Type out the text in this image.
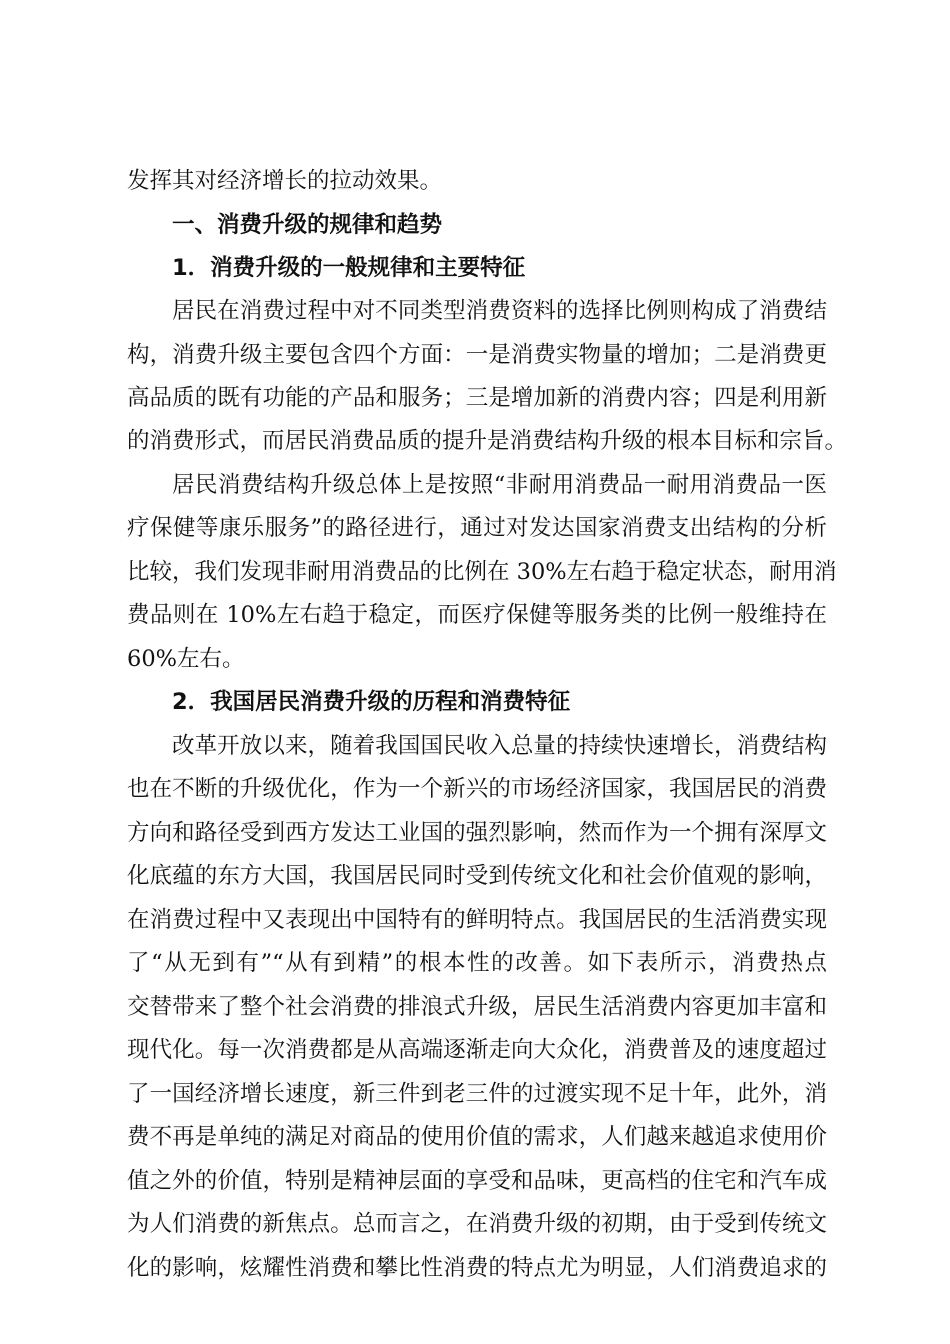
发挥其对经济增长的拉动效果。
一、消费升级的规律和趋势
1．消费升级的一般规律和主要特征
居民在消费过程中对不同类型消费资料的选择比例则构成了消费结
构，消费升级主要包含四个方面：一是消费实物量的增加；二是消费更
高品质的既有功能的产品和服务；三是增加新的消费内容；四是利用新
的消费形式，而居民消费品质的提升是消费结构升级的根本目标和宗旨。
居民消费结构升级总体上是按照“非耐用消费品一耐用消费品一医
疗保健等康乐服务”的路径进行，通过对发达国家消费支出结构的分析
比较，我们发现非耐用消费品的比例在 30%左右趋于稳定状态，耐用消
费品则在 10%左右趋于稳定，而医疗保健等服务类的比例一般维持在
60%左右。
2．我国居民消费升级的历程和消费特征
改革开放以来，随着我国国民收入总量的持续快速增长，消费结构
也在不断的升级优化，作为一个新兴的市场经济国家，我国居民的消费
方向和路径受到西方发达工业国的强烈影响，然而作为一个拥有深厚文
化底蕴的东方大国，我国居民同时受到传统文化和社会价值观的影响，
在消费过程中又表现出中国特有的鲜明特点。我国居民的生活消费实现
了“从无到有”“从有到精”的根本性的改善。如下表所示，消费热点
交替带来了整个社会消费的排浪式升级，居民生活消费内容更加丰富和
现代化。每一次消费都是从高端逐渐走向大众化，消费普及的速度超过
了一国经济增长速度，新三件到老三件的过渡实现不足十年，此外，消
费不再是单纯的满足对商品的使用价值的需求，人们越来越追求使用价
值之外的价值，特别是精神层面的享受和品味，更高档的住宅和汽车成
为人们消费的新焦点。总而言之，在消费升级的初期，由于受到传统文
化的影响，炫耀性消费和攀比性消费的特点尤为明显，人们消费追求的
